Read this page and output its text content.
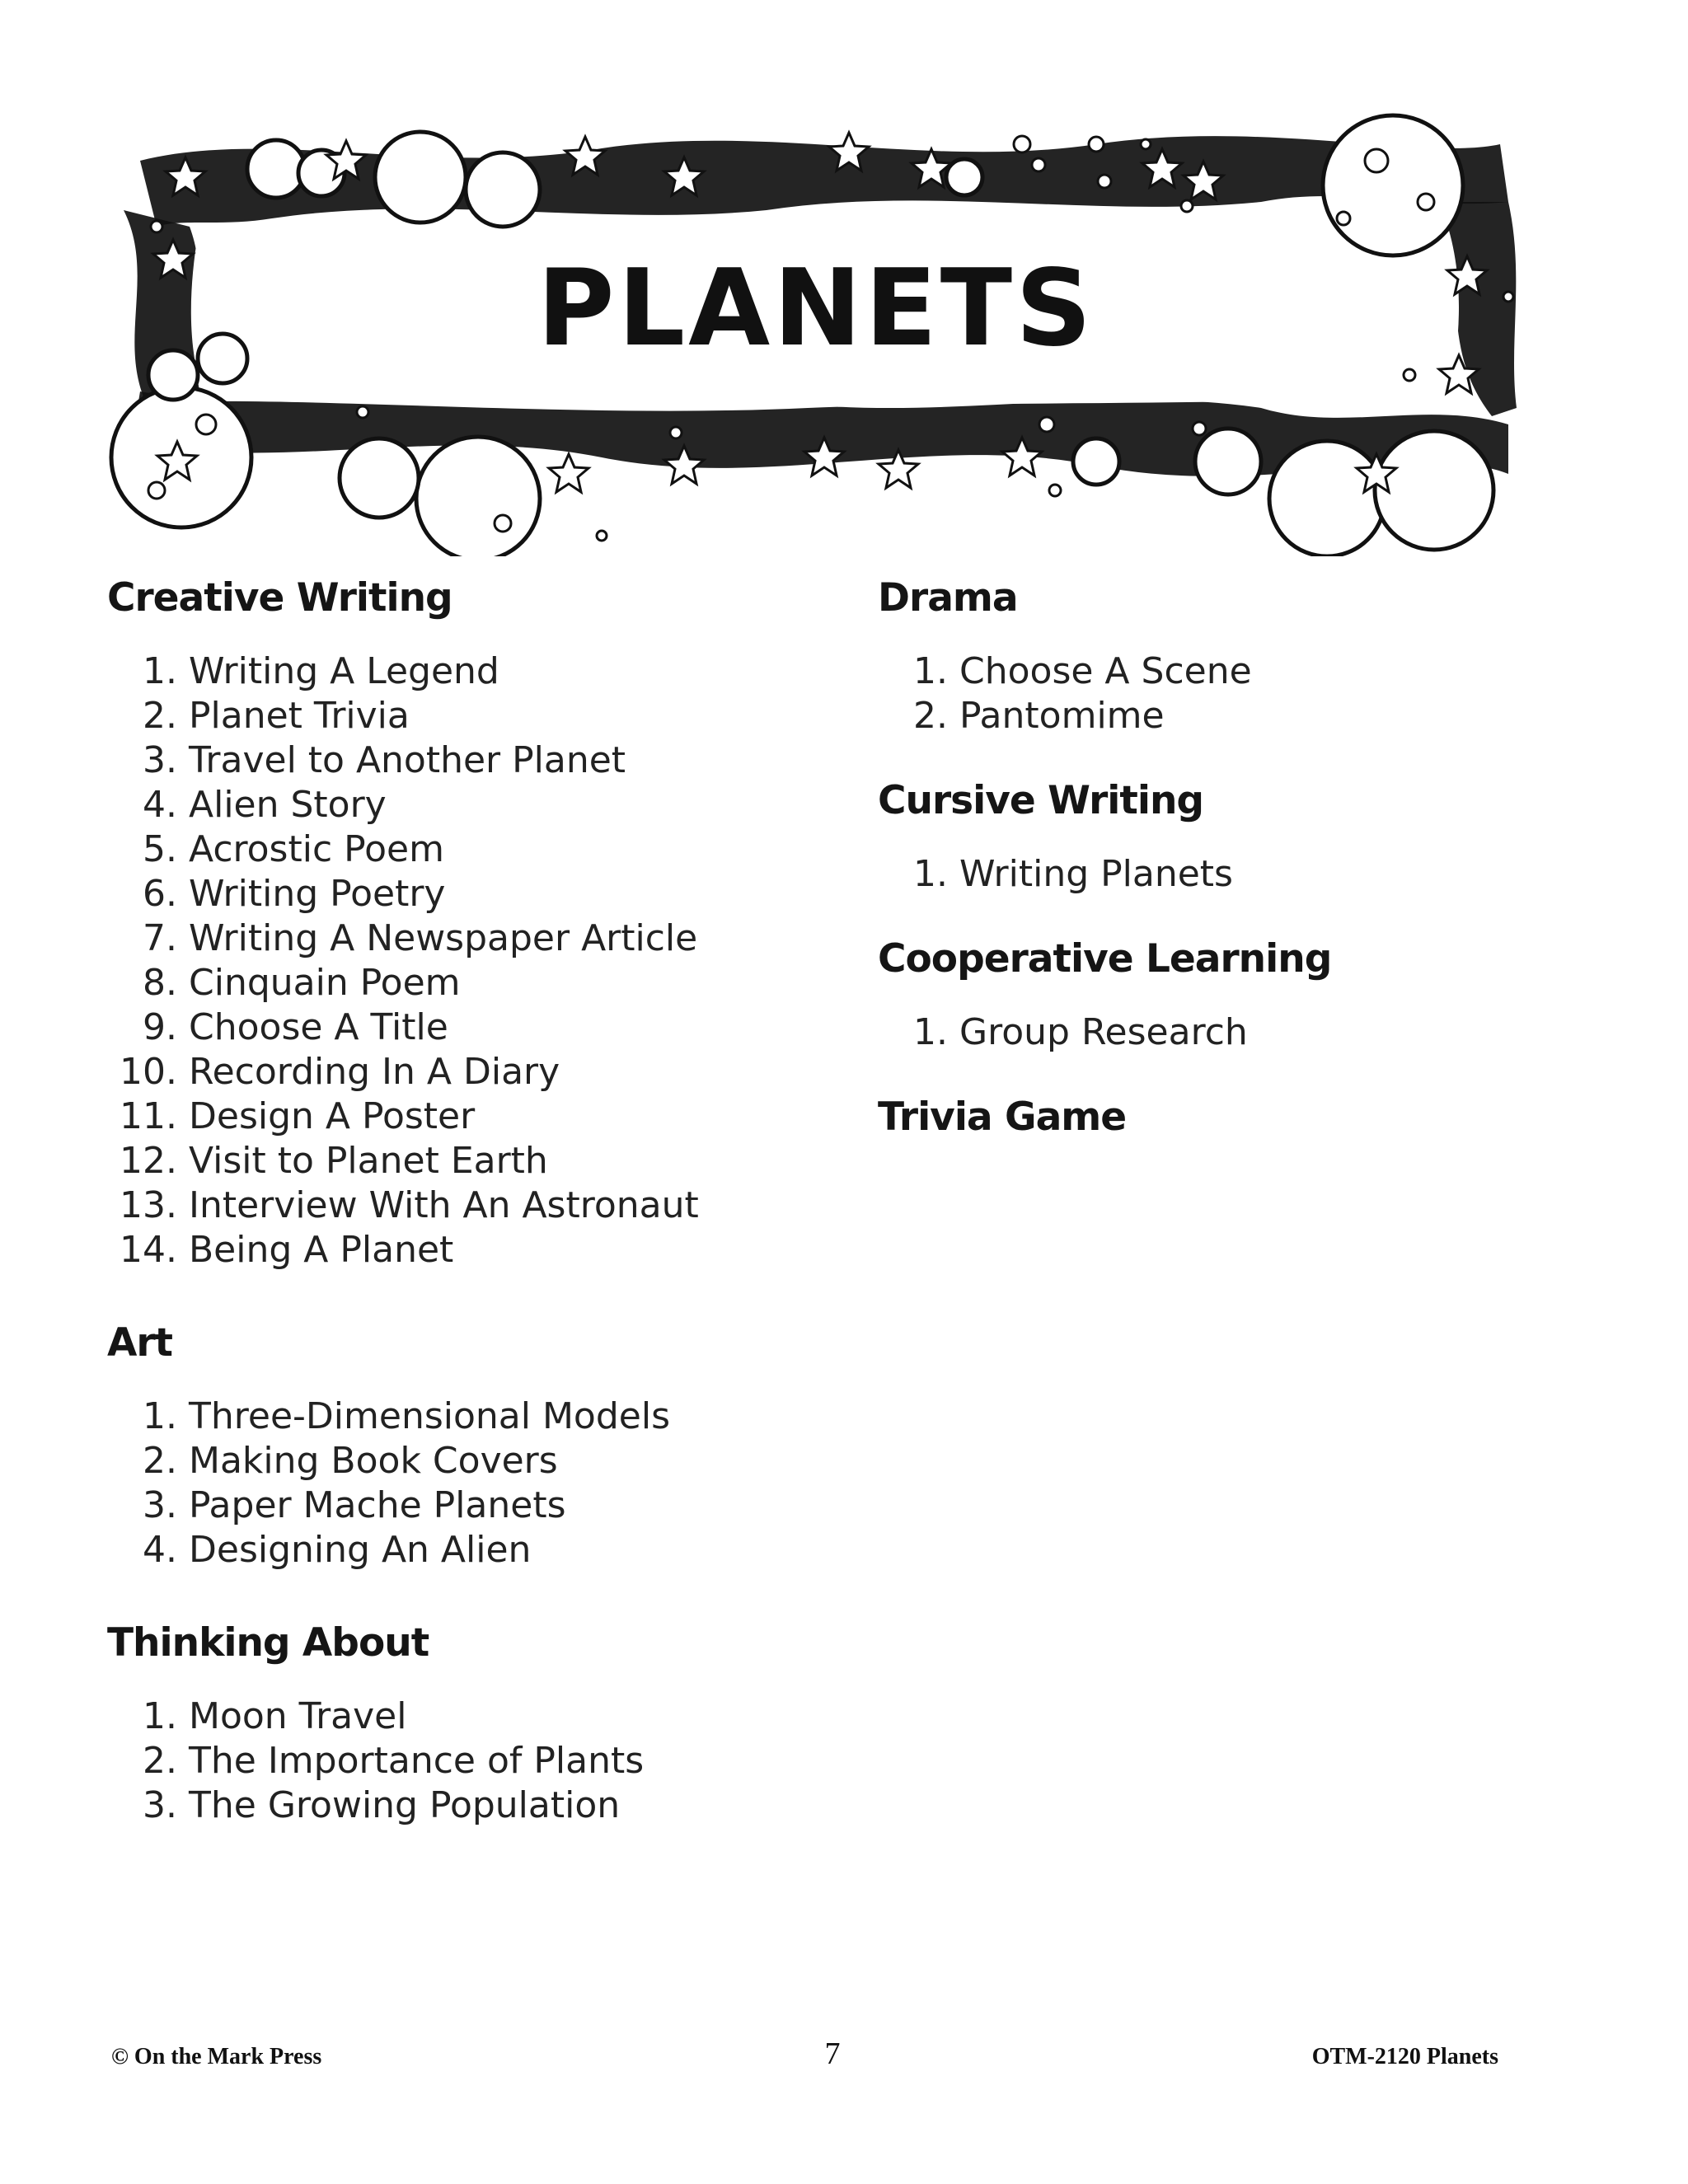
PLANETS
Creative Writing
1. Writing A Legend
2. Planet Trivia
3. Travel to Another Planet
4. Alien Story
5. Acrostic Poem
6. Writing Poetry
7. Writing A Newspaper Article
8. Cinquain Poem
9. Choose A Title
10. Recording In A Diary
11. Design A Poster
12. Visit to Planet Earth
13. Interview With An Astronaut
14. Being A Planet
Art
1. Three-Dimensional Models
2. Making Book Covers
3. Paper Mache Planets
4. Designing An Alien
Thinking About
1. Moon Travel
2. The Importance of Plants
3. The Growing Population
Drama
1. Choose A Scene
2. Pantomime
Cursive Writing
1. Writing Planets
Cooperative Learning
1. Group Research
Trivia Game
© On the Mark Press	7	OTM-2120 Planets
